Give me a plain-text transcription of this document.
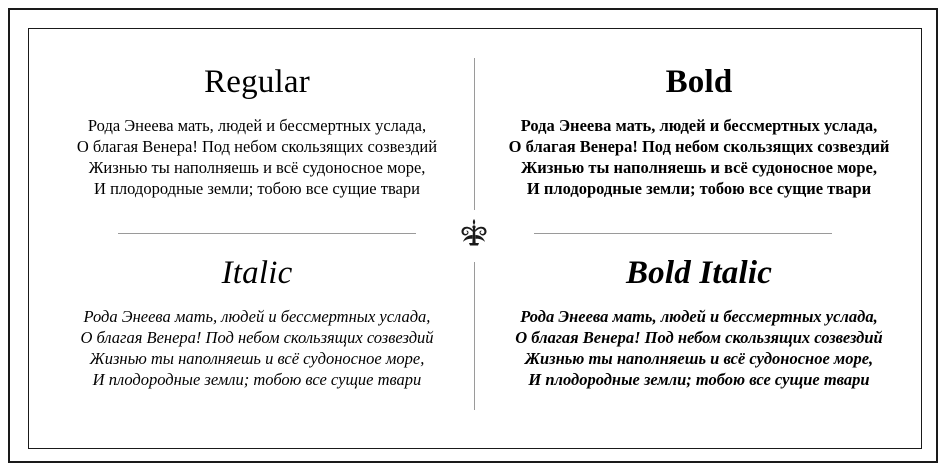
Regular
Рода Энеева мать, людей и бессмертных услада,
О благая Венера! Под небом скользящих созвездий
Жизнью ты наполняешь и всё судоносное море,
И плодородные земли; тобою все сущие твари
Bold
Рода Энеева мать, людей и бессмертных услада,
О благая Венера! Под небом скользящих созвездий
Жизнью ты наполняешь и всё судоносное море,
И плодородные земли; тобою все сущие твари
Italic
Рода Энеева мать, людей и бессмертных услада,
О благая Венера! Под небом скользящих созвездий
Жизнью ты наполняешь и всё судоносное море,
И плодородные земли; тобою все сущие твари
Bold Italic
Рода Энеева мать, людей и бессмертных услада,
О благая Венера! Под небом скользящих созвездий
Жизнью ты наполняешь и всё судоносное море,
И плодородные земли; тобою все сущие твари
